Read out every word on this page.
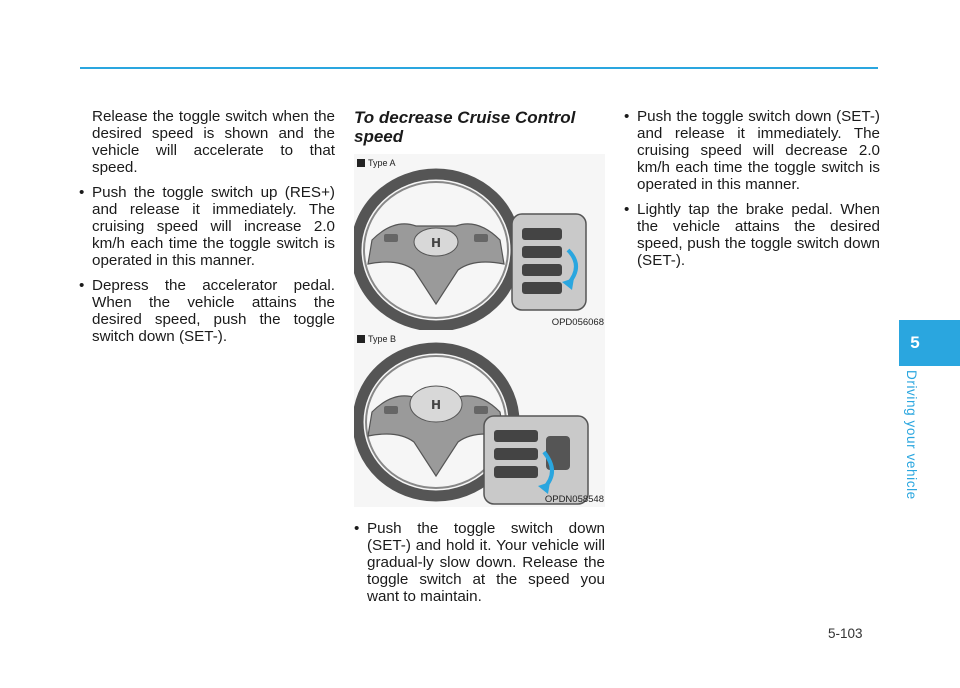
Release the toggle switch when the desired speed is shown and the vehicle will accelerate to that speed.

• Push the toggle switch up (RES+) and release it immediately. The cruising speed will increase 2.0 km/h each time the toggle switch is operated in this manner.
• Depress the accelerator pedal. When the vehicle attains the desired speed, push the toggle switch down (SET-).
To decrease Cruise Control speed
H
Type A
OPD056068
H
Type B
OPDN058548
• Push the toggle switch down (SET-) and hold it. Your vehicle will gradual-ly slow down. Release the toggle switch at the speed you want to maintain.
• Push the toggle switch down (SET-) and release it immediately. The cruising speed will decrease 2.0 km/h each time the toggle switch is operated in this manner.
• Lightly tap the brake pedal. When the vehicle attains the desired speed, push the toggle switch down (SET-).
5
Driving your vehicle
5-103
